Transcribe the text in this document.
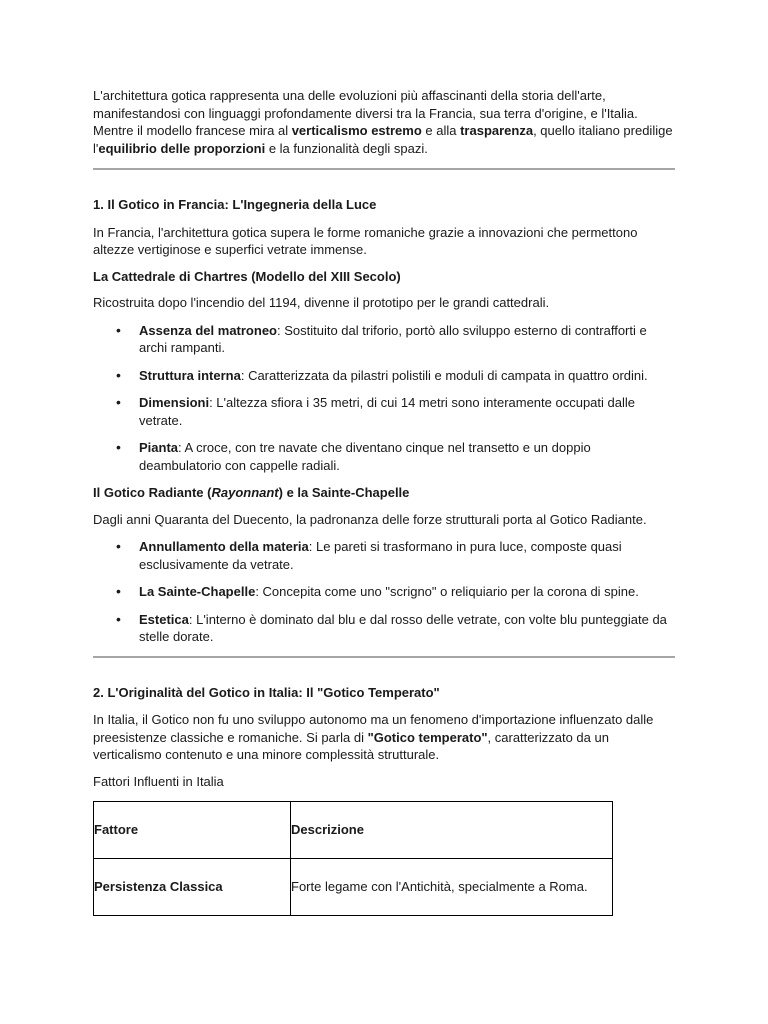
L'architettura gotica rappresenta una delle evoluzioni più affascinanti della storia dell'arte, manifestandosi con linguaggi profondamente diversi tra la Francia, sua terra d'origine, e l'Italia. Mentre il modello francese mira al verticalismo estremo e alla trasparenza, quello italiano predilige l'equilibrio delle proporzioni e la funzionalità degli spazi.

1. Il Gotico in Francia: L'Ingegneria della Luce

In Francia, l'architettura gotica supera le forme romaniche grazie a innovazioni che permettono altezze vertiginose e superfici vetrate immense.

La Cattedrale di Chartres (Modello del XIII Secolo)

Ricostruita dopo l'incendio del 1194, divenne il prototipo per le grandi cattedrali.

• Assenza del matroneo: Sostituito dal triforio, portò allo sviluppo esterno di contrafforti e archi rampanti.
• Struttura interna: Caratterizzata da pilastri polistili e moduli di campata in quattro ordini.
• Dimensioni: L'altezza sfiora i 35 metri, di cui 14 metri sono interamente occupati dalle vetrate.
• Pianta: A croce, con tre navate che diventano cinque nel transetto e un doppio deambulatorio con cappelle radiali.

Il Gotico Radiante (Rayonnant) e la Sainte-Chapelle

Dagli anni Quaranta del Duecento, la padronanza delle forze strutturali porta al Gotico Radiante.

• Annullamento della materia: Le pareti si trasformano in pura luce, composte quasi esclusivamente da vetrate.
• La Sainte-Chapelle: Concepita come uno "scrigno" o reliquiario per la corona di spine.
• Estetica: L'interno è dominato dal blu e dal rosso delle vetrate, con volte blu punteggiate da stelle dorate.

2. L'Originalità del Gotico in Italia: Il "Gotico Temperato"

In Italia, il Gotico non fu uno sviluppo autonomo ma un fenomeno d'importazione influenzato dalle preesistenze classiche e romaniche. Si parla di "Gotico temperato", caratterizzato da un verticalismo contenuto e una minore complessità strutturale.

Fattori Influenti in Italia

Fattore	Descrizione
Persistenza Classica	Forte legame con l'Antichità, specialmente a Roma.
